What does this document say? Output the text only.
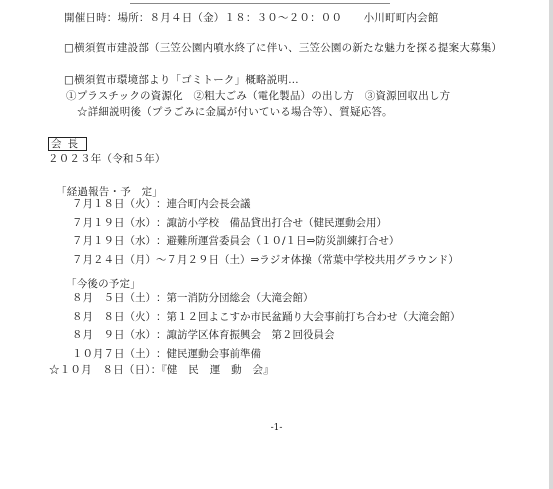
開催日時：場所：８月４日（金）１８：３０～２０：００　　小川町町内会館
□横須賀市建設部（三笠公園内噴水終了に伴い、三笠公園の新たな魅力を探る提案大募集）
□横須賀市環境部より「ゴミトーク」概略説明…
①プラスチックの資源化　②粗大ごみ（電化製品）の出し方　③資源回収出し方
☆詳細説明後（プラごみに金属が付いている場合等）、質疑応答。
会長
２０２３年（令和５年）
「経過報告・予　定」
７月１８日（火）	：連合町内会長会議
７月１９日（水）	：諏訪小学校　備品貸出打合せ（健民運動会用）
７月１９日（水）	：避難所運営委員会（１０/１日⇒防災訓練打合せ）
７月２４日（月）	～７月２９日（土）⇒ラジオ体操（常葉中学校共用グラウンド）
「今後の予定」
８月　５日（土）	：第一消防分団総会（大滝会館）
８月　８日（火）	：第１２回よこすか市民盆踊り大会事前打ち合わせ（大滝会館）
８月　９日（水）	：諏訪学区体育振興会　第２回役員会
１０月７日（土）	：健民運動会事前準備
☆１０月　８日（日）：『健　民　運　動　会』
-1-
